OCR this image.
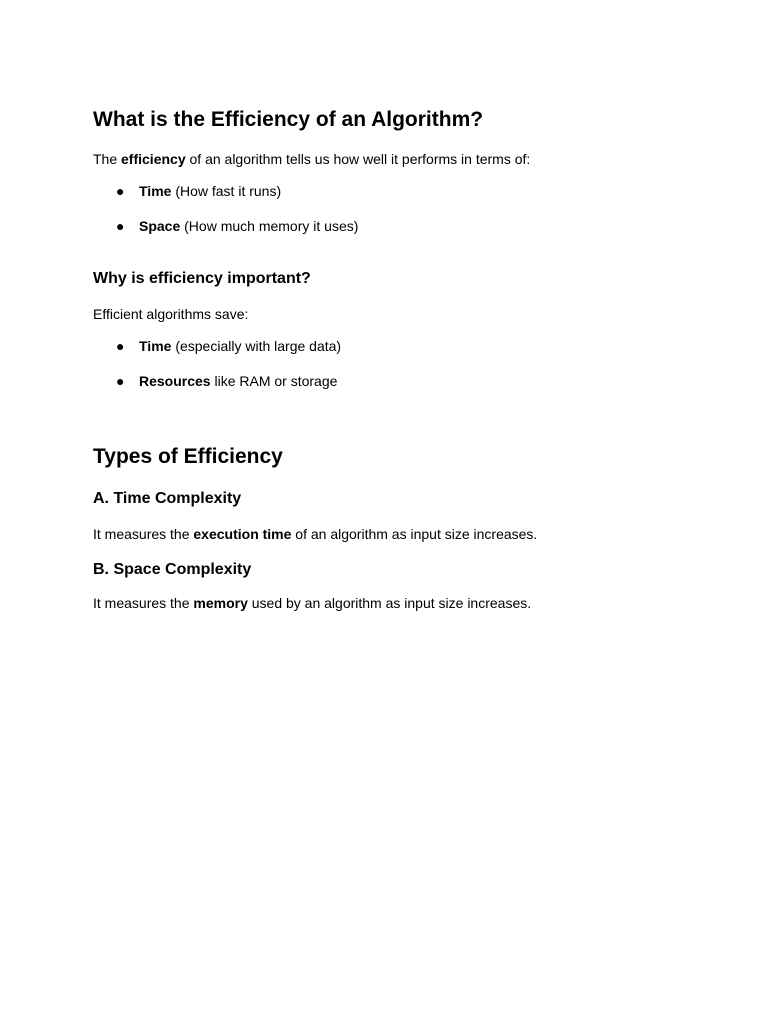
What is the Efficiency of an Algorithm?

The efficiency of an algorithm tells us how well it performs in terms of:

● Time (How fast it runs)
● Space (How much memory it uses)
Why is efficiency important?

Efficient algorithms save:

● Time (especially with large data)
● Resources like RAM or storage
Types of Efficiency
A. Time Complexity

It measures the execution time of an algorithm as input size increases.

B. Space Complexity

It measures the memory used by an algorithm as input size increases.
